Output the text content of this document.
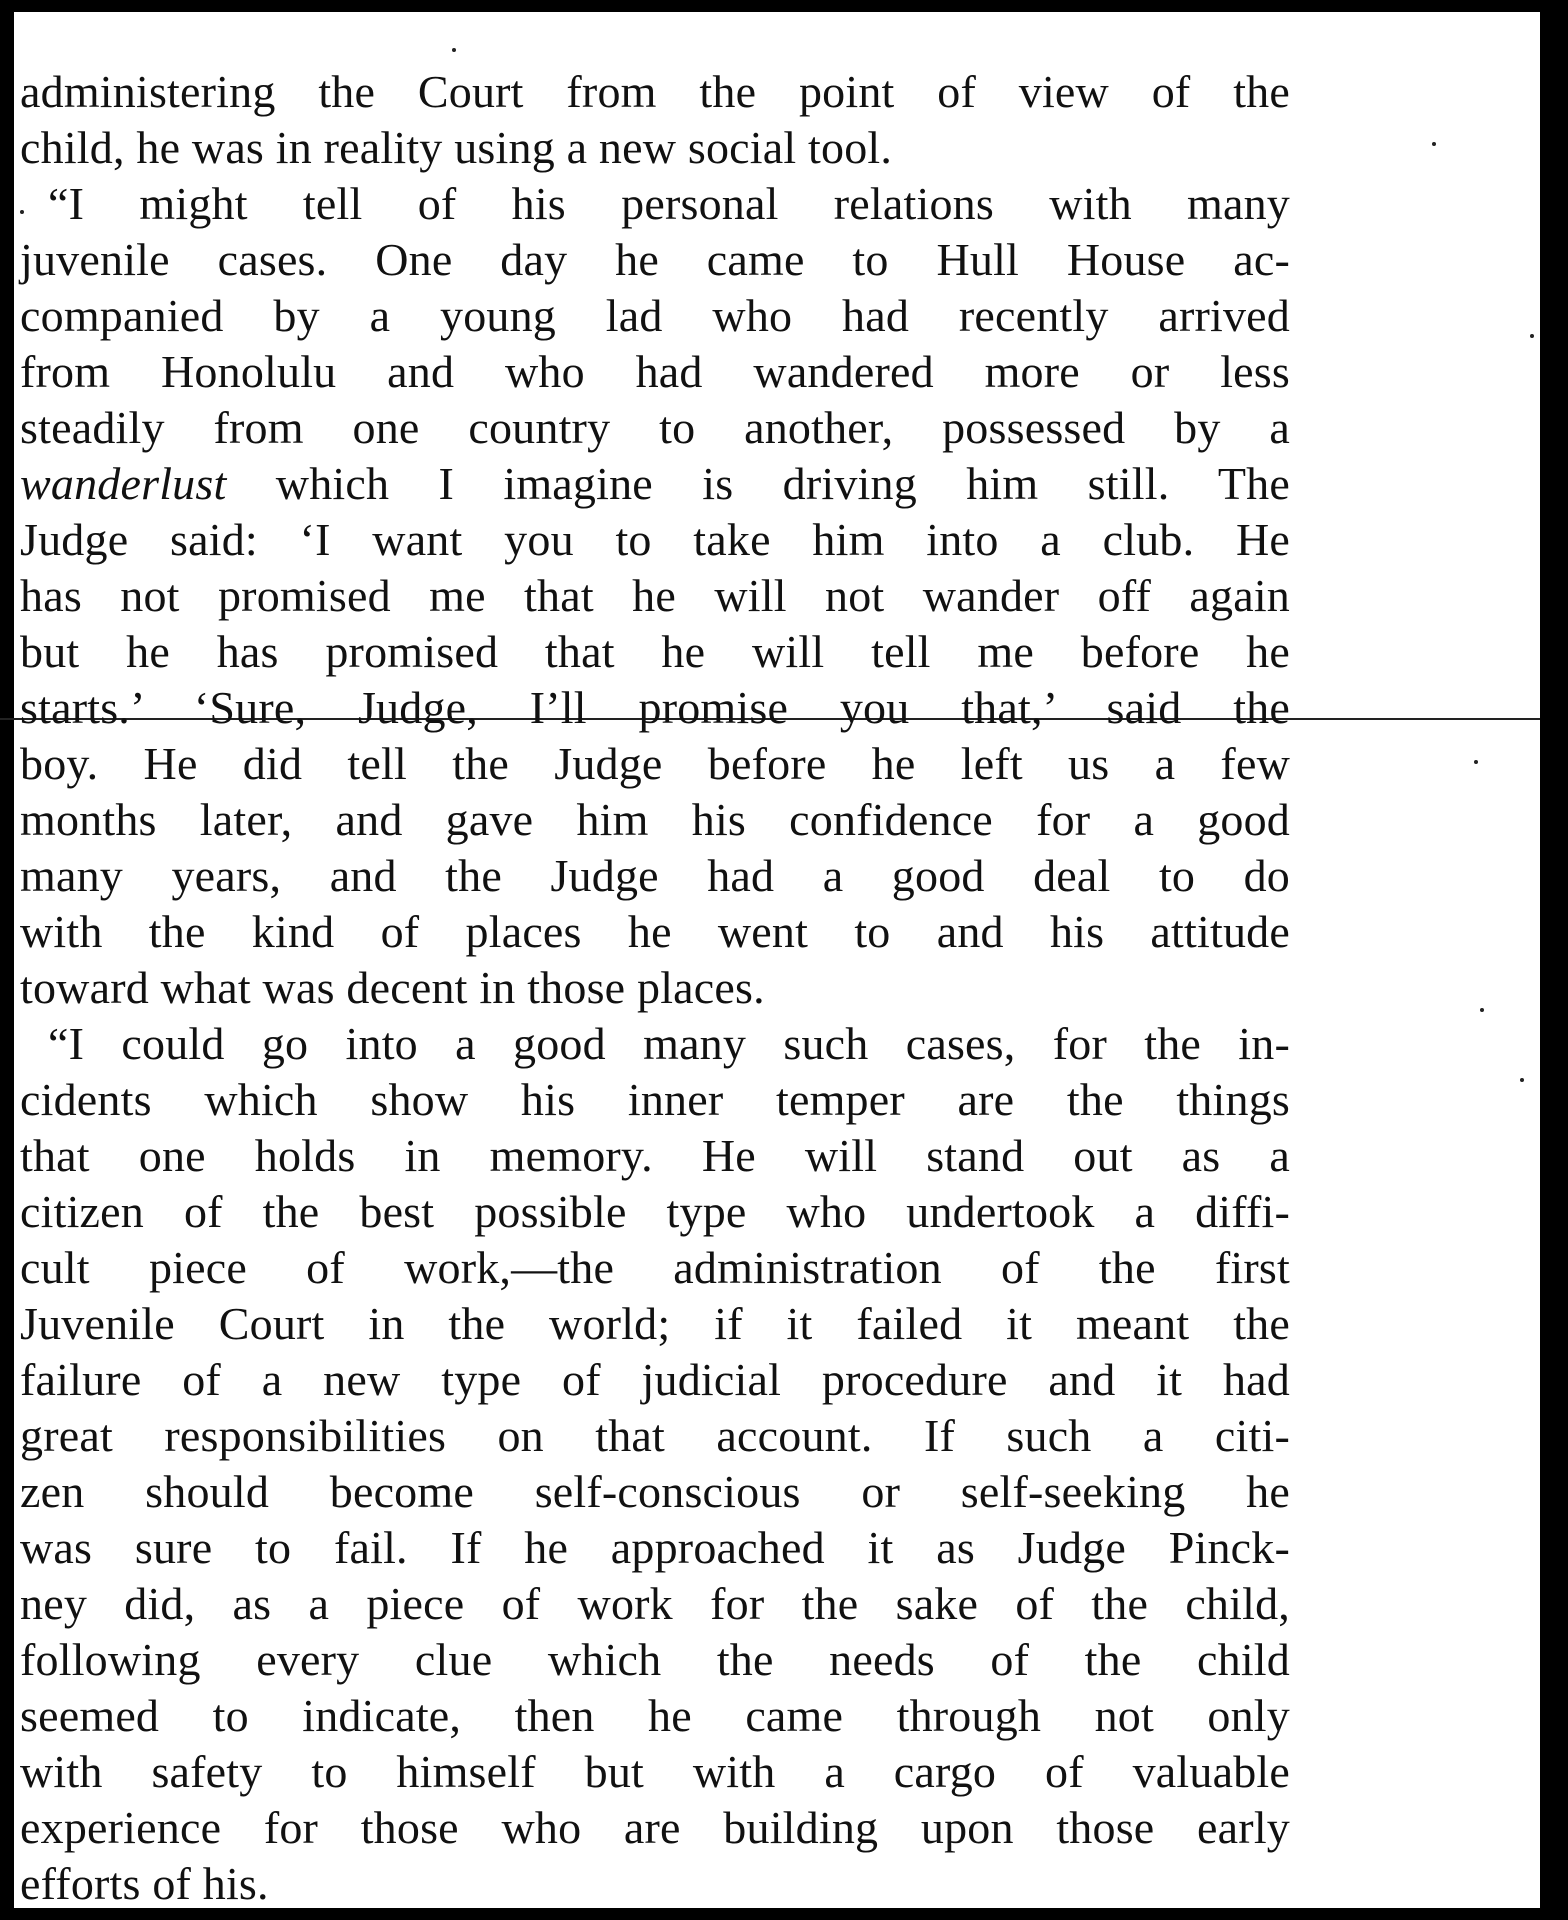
administering the Court from the point of view of the
child, he was in reality using a new social tool.
“I might tell of his personal relations with many
juvenile cases. One day he came to Hull House ac-
companied by a young lad who had recently arrived
from Honolulu and who had wandered more or less
steadily from one country to another, possessed by a
wanderlust which I imagine is driving him still. The
Judge said: ‘I want you to take him into a club. He
has not promised me that he will not wander off again
but he has promised that he will tell me before he
starts.’ ‘Sure, Judge, I’ll promise you that,’ said the
boy. He did tell the Judge before he left us a few
months later, and gave him his confidence for a good
many years, and the Judge had a good deal to do
with the kind of places he went to and his attitude
toward what was decent in those places.
“I could go into a good many such cases, for the in-
cidents which show his inner temper are the things
that one holds in memory. He will stand out as a
citizen of the best possible type who undertook a diffi-
cult piece of work,—the administration of the first
Juvenile Court in the world; if it failed it meant the
failure of a new type of judicial procedure and it had
great responsibilities on that account. If such a citi-
zen should become self-conscious or self-seeking he
was sure to fail. If he approached it as Judge Pinck-
ney did, as a piece of work for the sake of the child,
following every clue which the needs of the child
seemed to indicate, then he came through not only
with safety to himself but with a cargo of valuable
experience for those who are building upon those early
efforts of his.
